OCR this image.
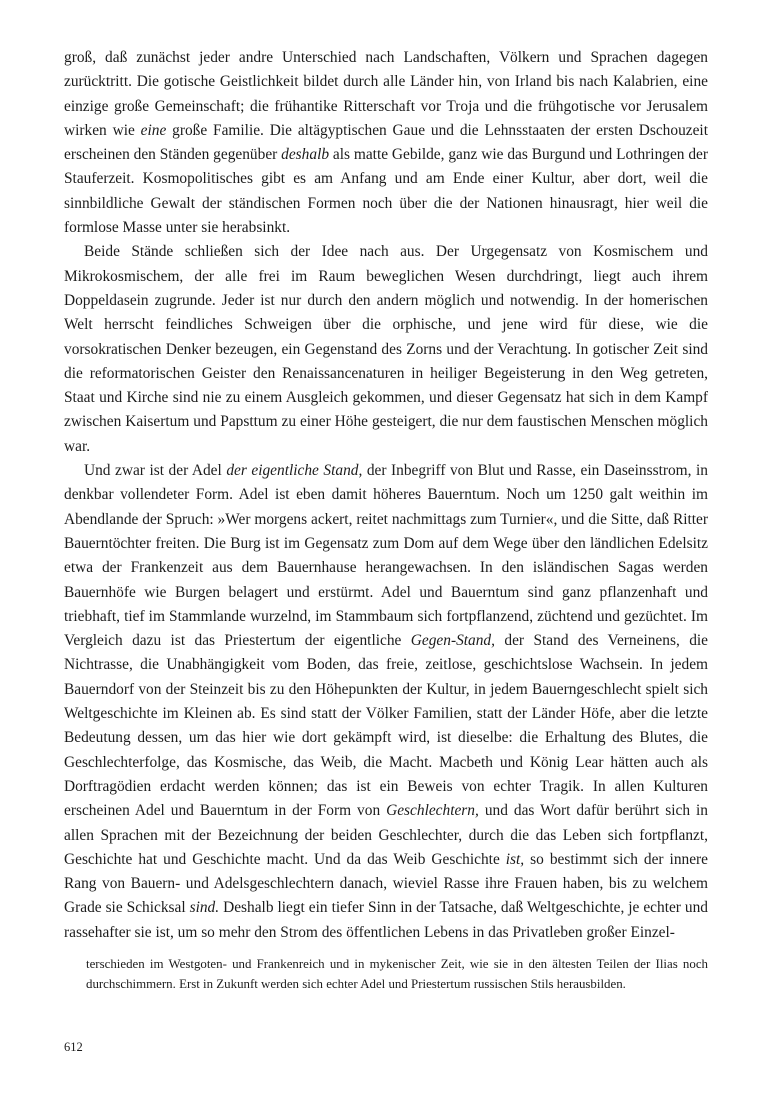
groß, daß zunächst jeder andre Unterschied nach Landschaften, Völkern und Sprachen dagegen zurücktritt. Die gotische Geistlichkeit bildet durch alle Länder hin, von Irland bis nach Kalabrien, eine einzige große Gemeinschaft; die frühantike Ritterschaft vor Troja und die frühgotische vor Jerusalem wirken wie eine große Familie. Die altägyptischen Gaue und die Lehnsstaaten der ersten Dschouzeit erscheinen den Ständen gegenüber deshalb als matte Gebilde, ganz wie das Burgund und Lothringen der Stauferzeit. Kosmopolitisches gibt es am Anfang und am Ende einer Kultur, aber dort, weil die sinnbildliche Gewalt der ständischen Formen noch über die der Nationen hinausragt, hier weil die formlose Masse unter sie herabsinkt.

Beide Stände schließen sich der Idee nach aus. Der Urgegensatz von Kosmischem und Mikrokosmischem, der alle frei im Raum beweglichen Wesen durchdringt, liegt auch ihrem Doppeldasein zugrunde. Jeder ist nur durch den andern möglich und notwendig. In der homerischen Welt herrscht feindliches Schweigen über die orphische, und jene wird für diese, wie die vorsokratischen Denker bezeugen, ein Gegenstand des Zorns und der Verachtung. In gotischer Zeit sind die reformatorischen Geister den Renaissancenaturen in heiliger Begeisterung in den Weg getreten, Staat und Kirche sind nie zu einem Ausgleich gekommen, und dieser Gegensatz hat sich in dem Kampf zwischen Kaisertum und Papsttum zu einer Höhe gesteigert, die nur dem faustischen Menschen möglich war.

Und zwar ist der Adel der eigentliche Stand, der Inbegriff von Blut und Rasse, ein Daseinsstrom, in denkbar vollendeter Form. Adel ist eben damit höheres Bauerntum. Noch um 1250 galt weithin im Abendlande der Spruch: »Wer morgens ackert, reitet nachmittags zum Turnier«, und die Sitte, daß Ritter Bauerntöchter freiten. Die Burg ist im Gegensatz zum Dom auf dem Wege über den ländlichen Edelsitz etwa der Frankenzeit aus dem Bauernhause herangewachsen. In den isländischen Sagas werden Bauernhöfe wie Burgen belagert und erstürmt. Adel und Bauerntum sind ganz pflanzenhaft und triebhaft, tief im Stammlande wurzelnd, im Stammbaum sich fortpflanzend, züchtend und gezüchtet. Im Vergleich dazu ist das Priestertum der eigentliche Gegen-Stand, der Stand des Verneinens, die Nichtrasse, die Unabhängigkeit vom Boden, das freie, zeitlose, geschichtslose Wachsein. In jedem Bauerndorf von der Steinzeit bis zu den Höhepunkten der Kultur, in jedem Bauerngeschlecht spielt sich Weltgeschichte im Kleinen ab. Es sind statt der Völker Familien, statt der Länder Höfe, aber die letzte Bedeutung dessen, um das hier wie dort gekämpft wird, ist dieselbe: die Erhaltung des Blutes, die Geschlechterfolge, das Kosmische, das Weib, die Macht. Macbeth und König Lear hätten auch als Dorftragödien erdacht werden können; das ist ein Beweis von echter Tragik. In allen Kulturen erscheinen Adel und Bauerntum in der Form von Geschlechtern, und das Wort dafür berührt sich in allen Sprachen mit der Bezeichnung der beiden Geschlechter, durch die das Leben sich fortpflanzt, Geschichte hat und Geschichte macht. Und da das Weib Geschichte ist, so bestimmt sich der innere Rang von Bauern- und Adelsgeschlechtern danach, wieviel Rasse ihre Frauen haben, bis zu welchem Grade sie Schicksal sind. Deshalb liegt ein tiefer Sinn in der Tatsache, daß Weltgeschichte, je echter und rassehafter sie ist, um so mehr den Strom des öffentlichen Lebens in das Privatleben großer Einzel-

terschieden im Westgoten- und Frankenreich und in mykenischer Zeit, wie sie in den ältesten Teilen der Ilias noch durchschimmern. Erst in Zukunft werden sich echter Adel und Priestertum russischen Stils herausbilden.

612
